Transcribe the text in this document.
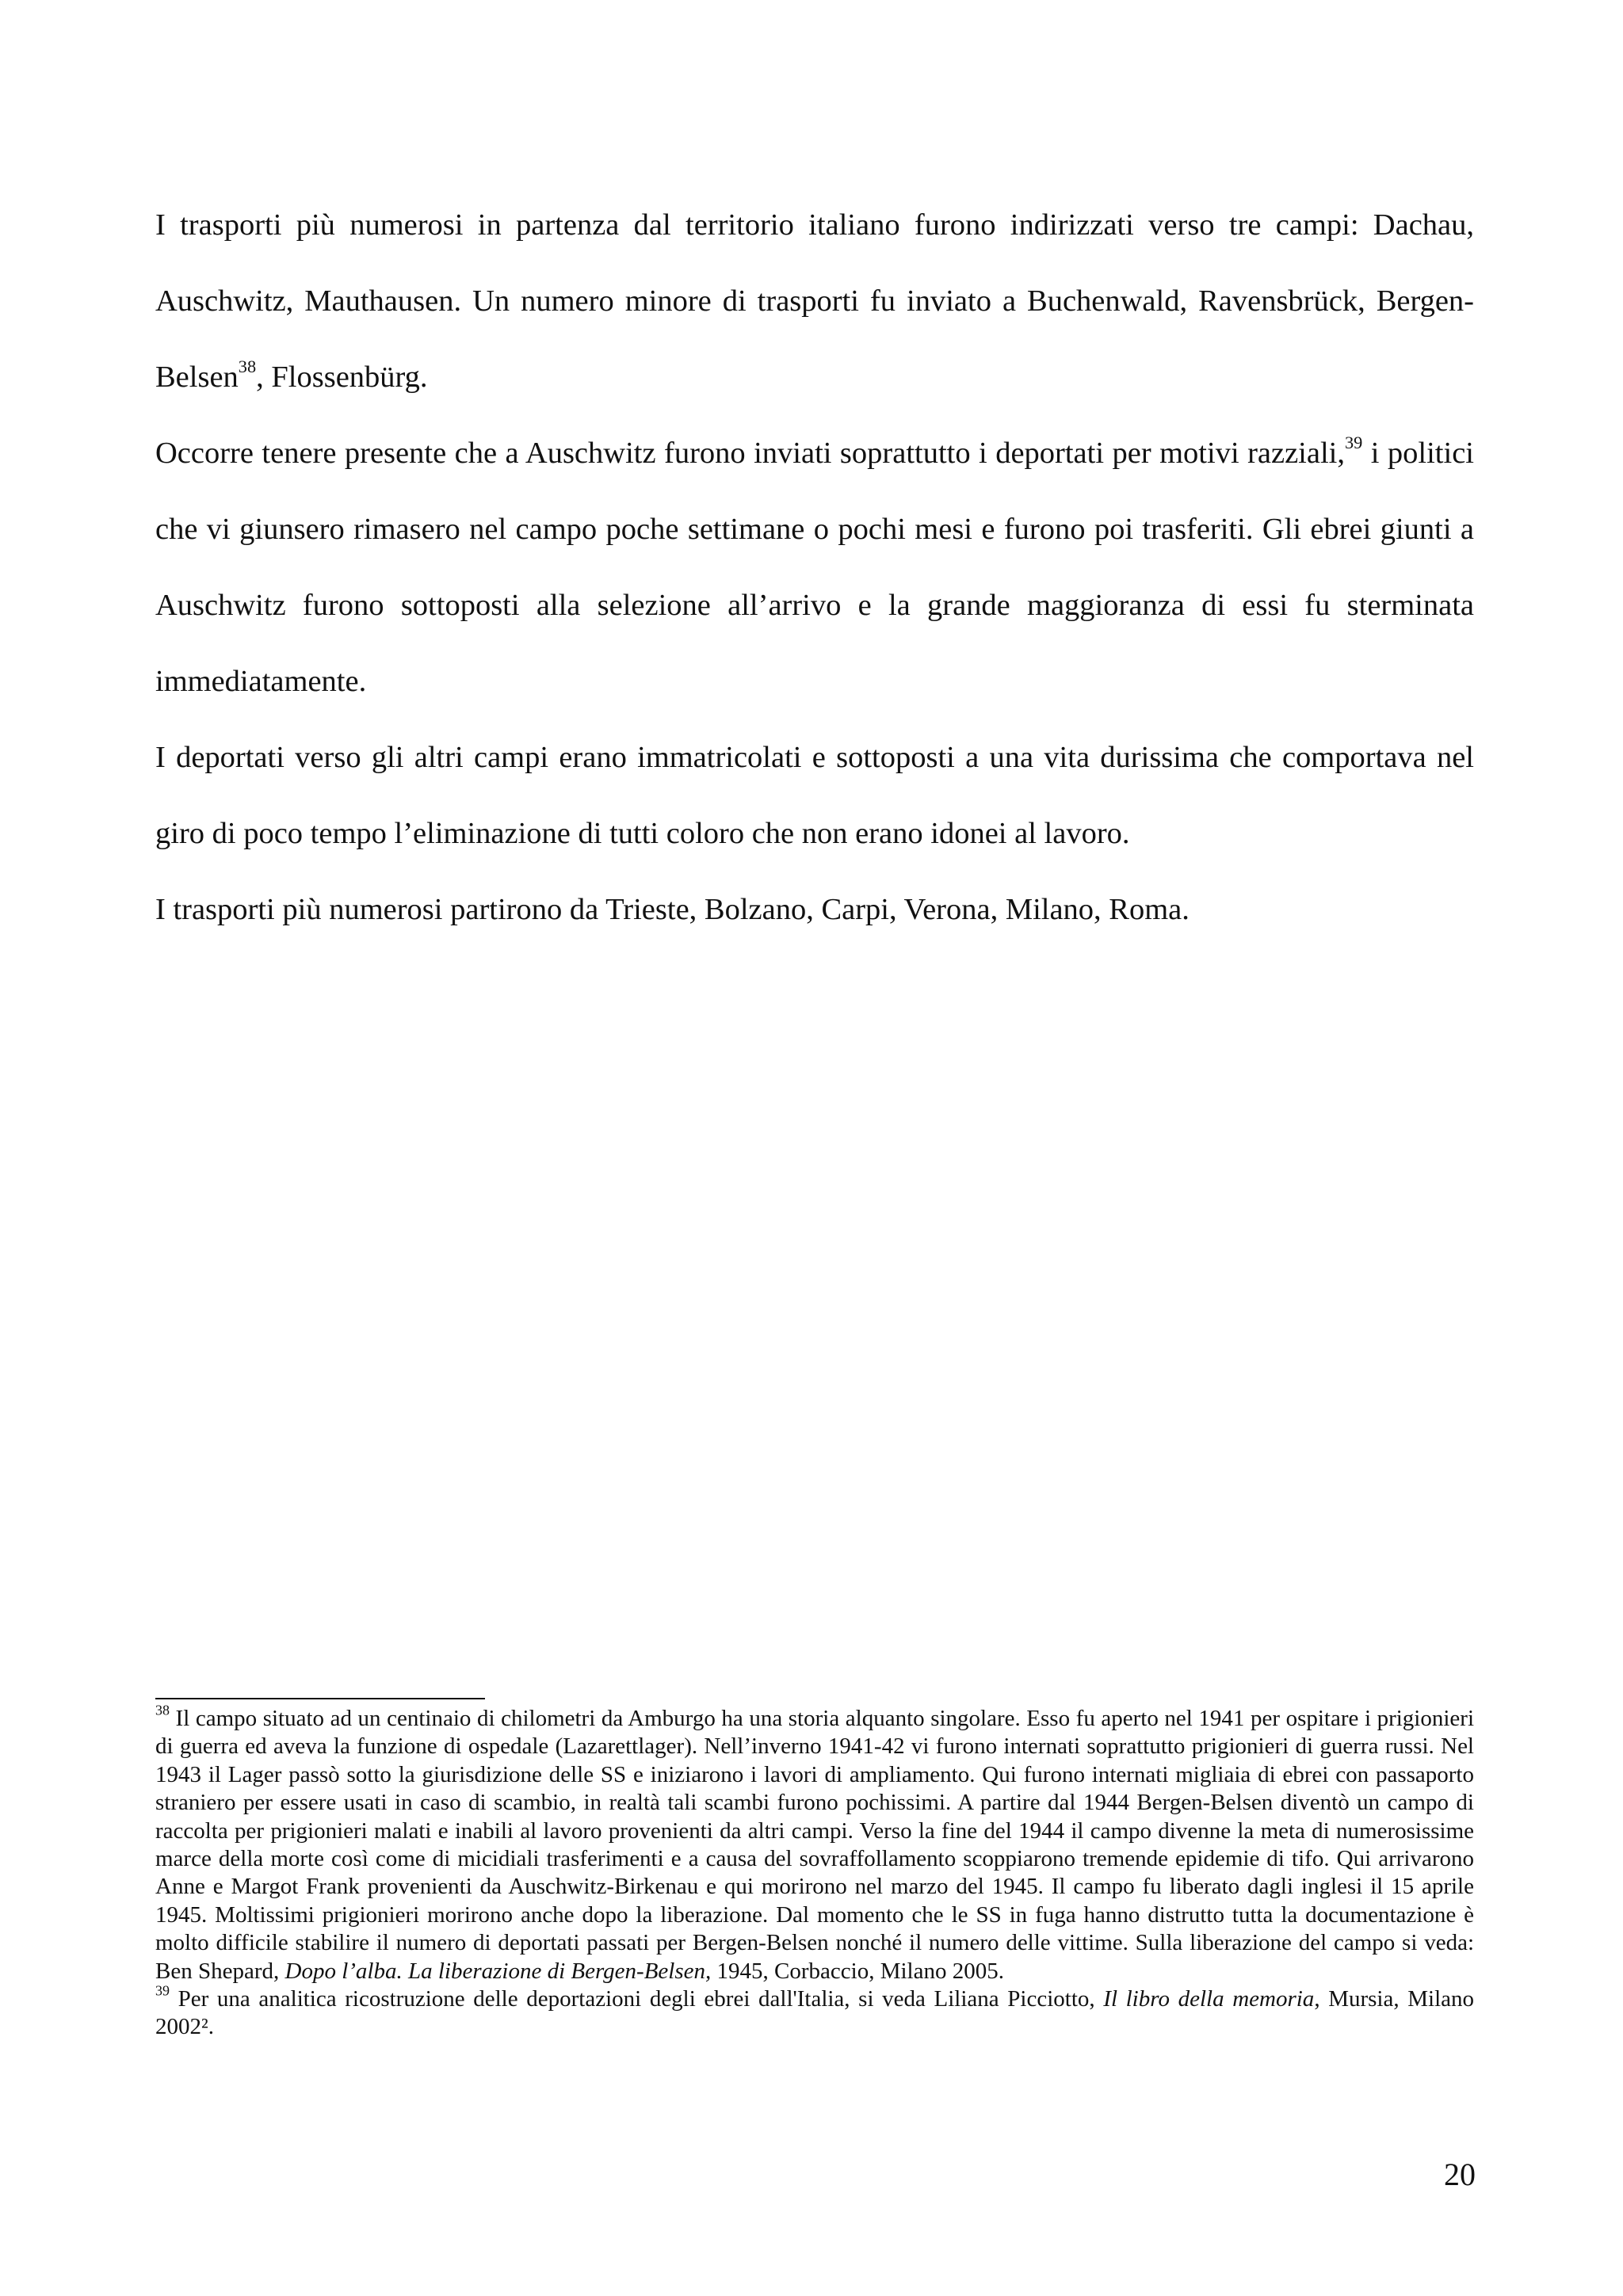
I trasporti più numerosi in partenza dal territorio italiano furono indirizzati verso tre campi: Dachau, Auschwitz, Mauthausen. Un numero minore di trasporti fu inviato a Buchenwald, Ravensbrück, Bergen-Belsen$^{38}$, Flossenbürg.

Occorre tenere presente che a Auschwitz furono inviati soprattutto i deportati per motivi razziali,$^{39}$ i politici che vi giunsero rimasero nel campo poche settimane o pochi mesi e furono poi trasferiti. Gli ebrei giunti a Auschwitz furono sottoposti alla selezione all’arrivo e la grande maggioranza di essi fu sterminata immediatamente.

I deportati verso gli altri campi erano immatricolati e sottoposti a una vita durissima che comportava nel giro di poco tempo l’eliminazione di tutti coloro che non erano idonei al lavoro.

I trasporti più numerosi partirono da Trieste, Bolzano, Carpi, Verona, Milano, Roma.

$^{38}$ Il campo situato ad un centinaio di chilometri da Amburgo ha una storia alquanto singolare. Esso fu aperto nel 1941 per ospitare i prigionieri di guerra ed aveva la funzione di ospedale (Lazarettlager). Nell’inverno 1941-42 vi furono internati soprattutto prigionieri di guerra russi. Nel 1943 il Lager passò sotto la giurisdizione delle SS e iniziarono i lavori di ampliamento. Qui furono internati migliaia di ebrei con passaporto straniero per essere usati in caso di scambio, in realtà tali scambi furono pochissimi. A partire dal 1944 Bergen-Belsen diventò un campo di raccolta per prigionieri malati e inabili al lavoro provenienti da altri campi. Verso la fine del 1944 il campo divenne la meta di numerosissime marce della morte così come di micidiali trasferimenti e a causa del sovraffollamento scoppiarono tremende epidemie di tifo. Qui arrivarono Anne e Margot Frank provenienti da Auschwitz-Birkenau e qui morirono nel marzo del 1945. Il campo fu liberato dagli inglesi il 15 aprile 1945. Moltissimi prigionieri morirono anche dopo la liberazione. Dal momento che le SS in fuga hanno distrutto tutta la documentazione è molto difficile stabilire il numero di deportati passati per Bergen-Belsen nonché il numero delle vittime. Sulla liberazione del campo si veda: Ben Shepard, Dopo l’alba. La liberazione di Bergen-Belsen, 1945, Corbaccio, Milano 2005.

$^{39}$ Per una analitica ricostruzione delle deportazioni degli ebrei dall'Italia, si veda Liliana Picciotto, Il libro della memoria, Mursia, Milano 2002².

20
